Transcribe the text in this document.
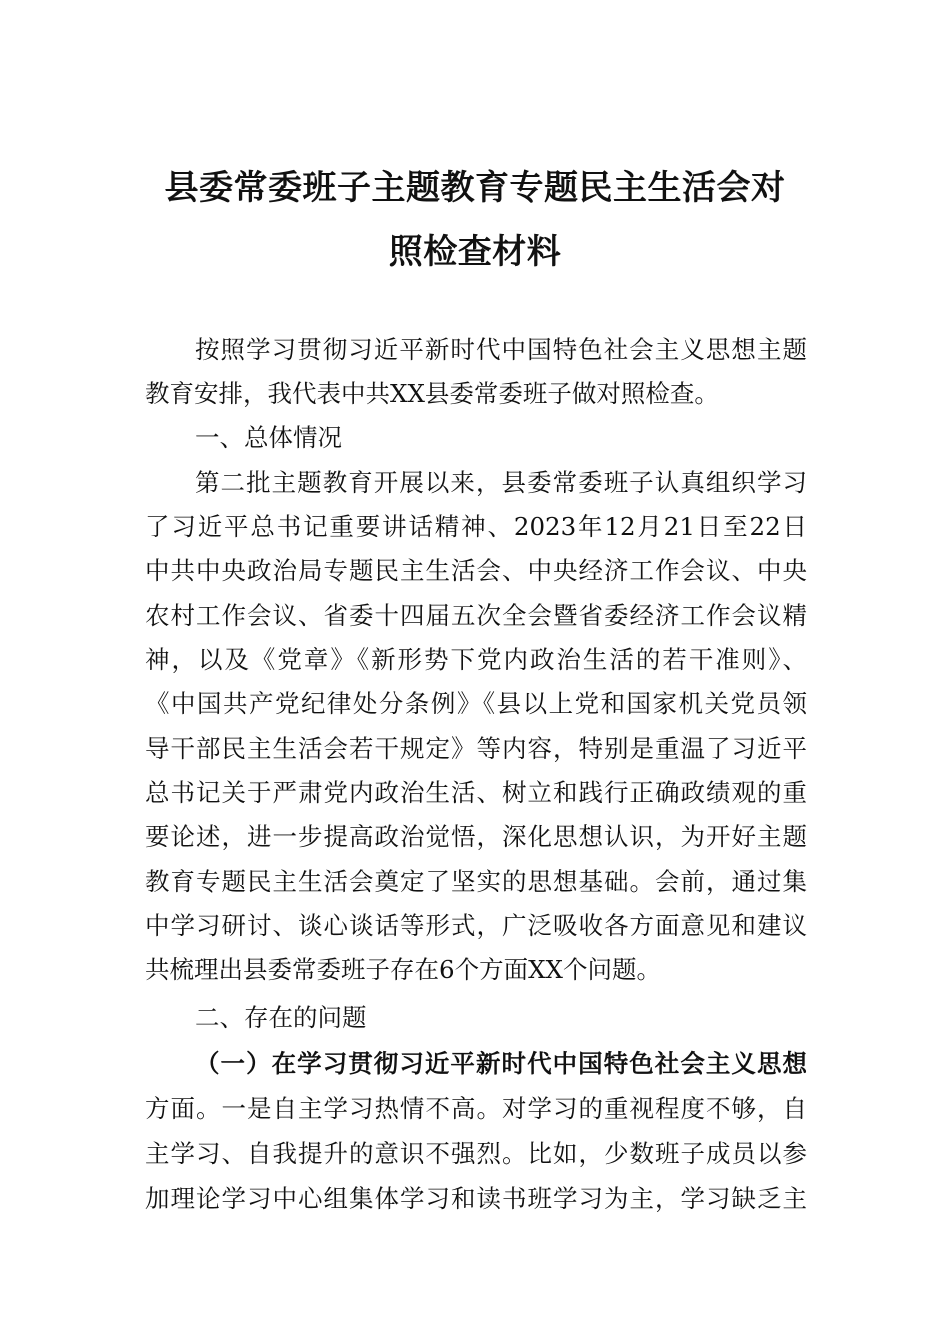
县委常委班子主题教育专题民主生活会对
照检查材料
按照学习贯彻习近平新时代中国特色社会主义思想主题
教育安排，我代表中共XX县委常委班子做对照检查。
一、总体情况
第二批主题教育开展以来，县委常委班子认真组织学习
了习近平总书记重要讲话精神、2023年12月21日至22日
中共中央政治局专题民主生活会、中央经济工作会议、中央
农村工作会议、省委十四届五次全会暨省委经济工作会议精
神，以及《党章》《新形势下党内政治生活的若干准则》、
《中国共产党纪律处分条例》《县以上党和国家机关党员领
导干部民主生活会若干规定》等内容，特别是重温了习近平
总书记关于严肃党内政治生活、树立和践行正确政绩观的重
要论述，进一步提高政治觉悟，深化思想认识，为开好主题
教育专题民主生活会奠定了坚实的思想基础。会前，通过集
中学习研讨、谈心谈话等形式，广泛吸收各方面意见和建议
共梳理出县委常委班子存在6个方面XX个问题。
二、存在的问题
（一）在学习贯彻习近平新时代中国特色社会主义思想
方面。一是自主学习热情不高。对学习的重视程度不够，自
主学习、自我提升的意识不强烈。比如，少数班子成员以参
加理论学习中心组集体学习和读书班学习为主，学习缺乏主
